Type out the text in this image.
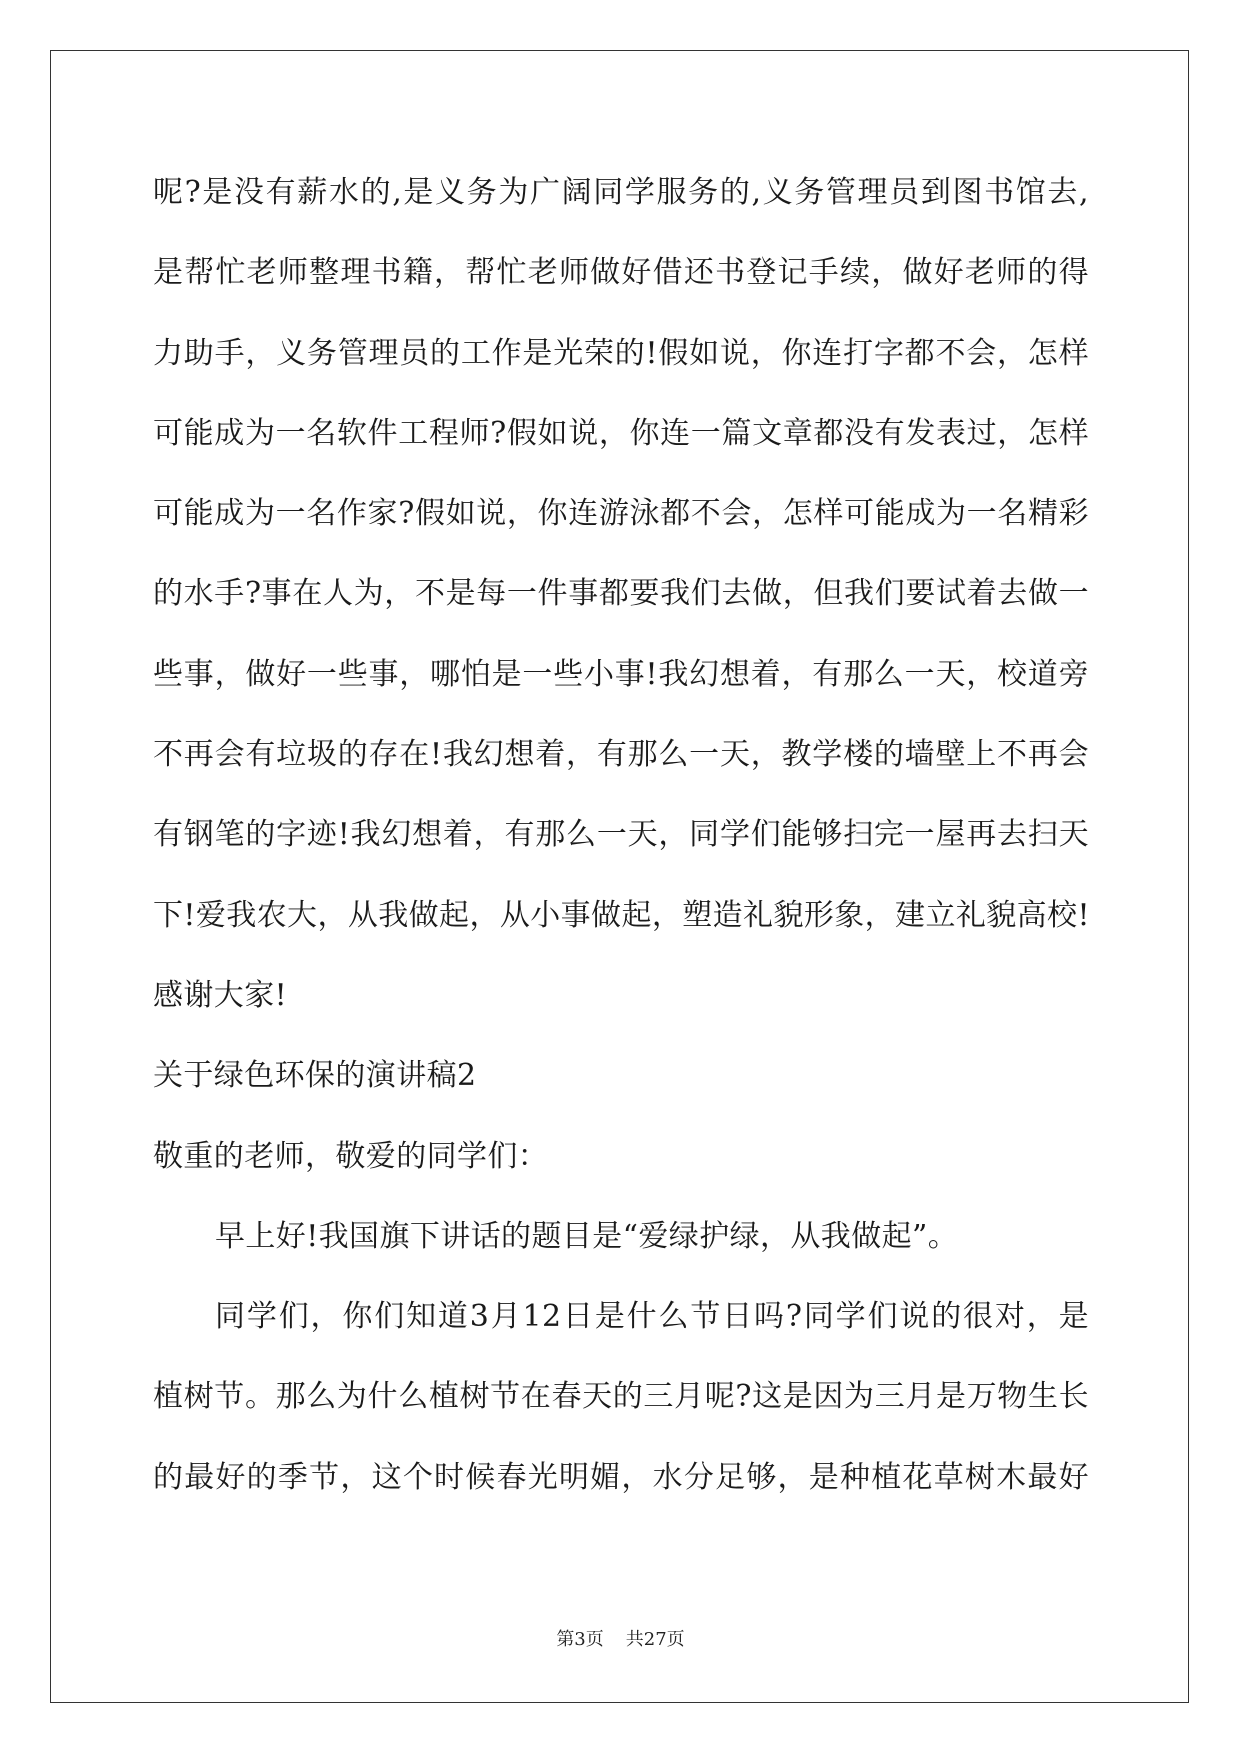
呢?是没有薪水的,是义务为广阔同学服务的,义务管理员到图书馆去,
是帮忙老师整理书籍，帮忙老师做好借还书登记手续，做好老师的得
力助手，义务管理员的工作是光荣的!假如说，你连打字都不会，怎样
可能成为一名软件工程师?假如说，你连一篇文章都没有发表过，怎样
可能成为一名作家?假如说，你连游泳都不会，怎样可能成为一名精彩
的水手?事在人为，不是每一件事都要我们去做，但我们要试着去做一
些事，做好一些事，哪怕是一些小事!我幻想着，有那么一天，校道旁
不再会有垃圾的存在!我幻想着，有那么一天，教学楼的墙壁上不再会
有钢笔的字迹!我幻想着，有那么一天，同学们能够扫完一屋再去扫天
下!爱我农大，从我做起，从小事做起，塑造礼貌形象，建立礼貌高校!
感谢大家!
关于绿色环保的演讲稿2
敬重的老师，敬爱的同学们：
早上好!我国旗下讲话的题目是“爱绿护绿，从我做起”。
同学们，你们知道3月12日是什么节日吗?同学们说的很对，是
植树节。那么为什么植树节在春天的三月呢?这是因为三月是万物生长
的最好的季节，这个时候春光明媚，水分足够，是种植花草树木最好
第3页 共27页
